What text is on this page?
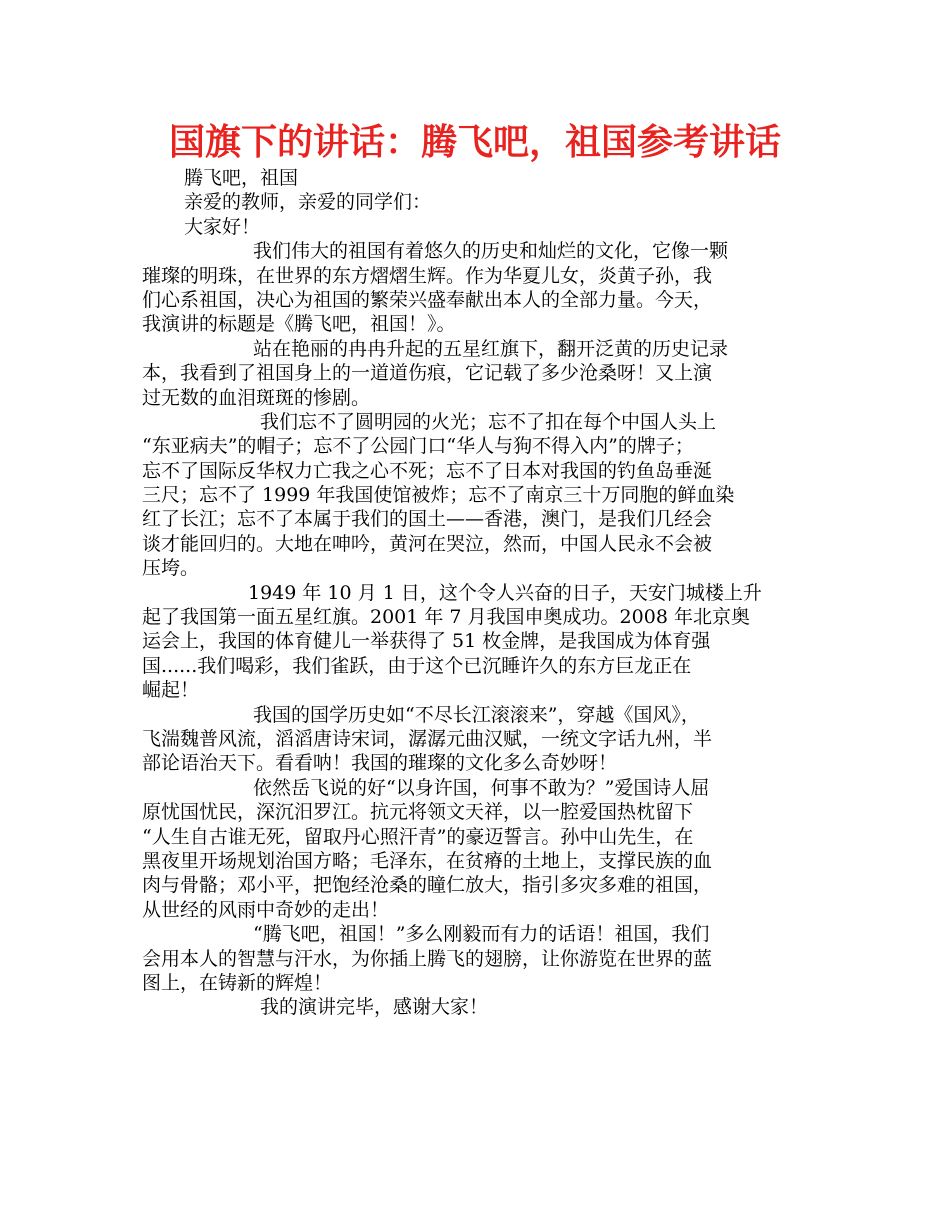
国旗下的讲话：腾飞吧，祖国参考讲话
腾飞吧，祖国
亲爱的教师，亲爱的同学们：
大家好！
我们伟大的祖国有着悠久的历史和灿烂的文化，它像一颗
璀璨的明珠，在世界的东方熠熠生辉。作为华夏儿女，炎黄子孙，我
们心系祖国，决心为祖国的繁荣兴盛奉献出本人的全部力量。今天，
我演讲的标题是《腾飞吧，祖国！》。
站在艳丽的冉冉升起的五星红旗下，翻开泛黄的历史记录
本，我看到了祖国身上的一道道伤痕，它记载了多少沧桑呀！又上演
过无数的血泪斑斑的惨剧。
我们忘不了圆明园的火光；忘不了扣在每个中国人头上
“东亚病夫”的帽子；忘不了公园门口“华人与狗不得入内”的牌子；
忘不了国际反华权力亡我之心不死；忘不了日本对我国的钓鱼岛垂涎
三尺；忘不了 1999 年我国使馆被炸；忘不了南京三十万同胞的鲜血染
红了长江；忘不了本属于我们的国土——香港，澳门，是我们几经会
谈才能回归的。大地在呻吟，黄河在哭泣，然而，中国人民永不会被
压垮。
1949 年 10 月 1 日，这个令人兴奋的日子，天安门城楼上升
起了我国第一面五星红旗。2001 年 7 月我国申奥成功。2008 年北京奥
运会上，我国的体育健儿一举获得了 51 枚金牌，是我国成为体育强
国......我们喝彩，我们雀跃，由于这个已沉睡许久的东方巨龙正在
崛起！
我国的国学历史如“不尽长江滚滚来”，穿越《国风》，
飞湍魏普风流，滔滔唐诗宋词，潺潺元曲汉赋，一统文字话九州，半
部论语治天下。看看呐！我国的璀璨的文化多么奇妙呀！
依然岳飞说的好“以身许国，何事不敢为？”爱国诗人屈
原忧国忧民，深沉汨罗江。抗元将领文天祥，以一腔爱国热枕留下
“人生自古谁无死，留取丹心照汗青”的豪迈誓言。孙中山先生，在
黑夜里开场规划治国方略；毛泽东，在贫瘠的土地上，支撑民族的血
肉与骨骼；邓小平，把饱经沧桑的瞳仁放大，指引多灾多难的祖国，
从世经的风雨中奇妙的走出！
“腾飞吧，祖国！”多么刚毅而有力的话语！祖国，我们
会用本人的智慧与汗水，为你插上腾飞的翅膀，让你游览在世界的蓝
图上，在铸新的辉煌！
我的演讲完毕，感谢大家！
